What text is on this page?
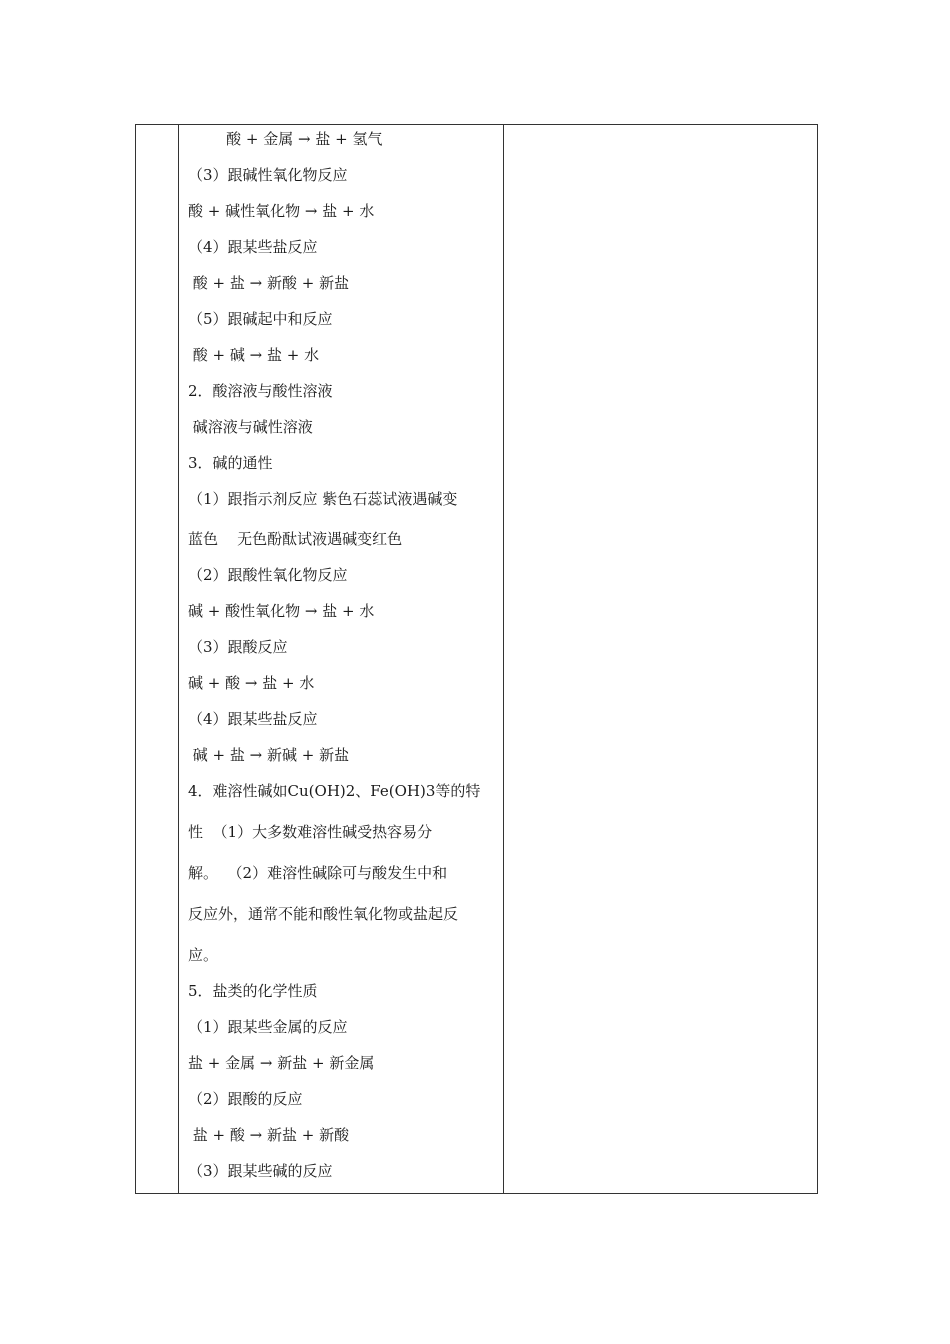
酸 + 金属 → 盐 + 氢气
（3）跟碱性氧化物反应
酸 + 碱性氧化物 → 盐 + 水
（4）跟某些盐反应
酸 + 盐 → 新酸 + 新盐
（5）跟碱起中和反应
酸 + 碱 → 盐 + 水
2．酸溶液与酸性溶液
碱溶液与碱性溶液
3．碱的通性
（1）跟指示剂反应 紫色石蕊试液遇碱变
蓝色    无色酚酞试液遇碱变红色
（2）跟酸性氧化物反应
碱 + 酸性氧化物 → 盐 + 水
（3）跟酸反应
碱 + 酸 → 盐 + 水
（4）跟某些盐反应
碱 + 盐 → 新碱 + 新盐
4．难溶性碱如Cu(OH)2、Fe(OH)3等的特
性  （1）大多数难溶性碱受热容易分
解。  （2）难溶性碱除可与酸发生中和
反应外，通常不能和酸性氧化物或盐起反
应。
5．盐类的化学性质
（1）跟某些金属的反应
盐 + 金属 → 新盐 + 新金属
（2）跟酸的反应
盐 + 酸 → 新盐 + 新酸
（3）跟某些碱的反应
